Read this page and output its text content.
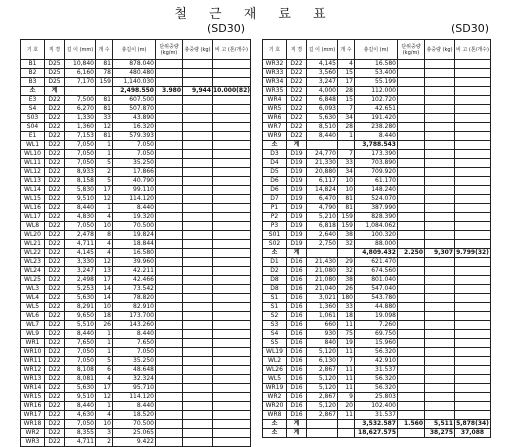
철 근 재 료 표
(SD30)	(SD30)
기 호	직 경	길 이 (mm)	개 수	총길이 (m)	단위중량 (kg/m)	총중량 (kg)	비 고 (톤/개수)
B1	D25	10,840	81	878.040			
B2	D25	6,160	78	480.480			
B3	D25	7,170	159	1,140.030			
소	계			2,498.550	3.980	9,944	10.000(82)
E3	D22	7,500	81	607.500			
S4	D22	6,270	81	507.870			
S03	D22	1,330	33	43.890			
S04	D22	1,360	12	16.320			
E1	D22	7,153	81	579.393			
WL1	D22	7,050	1	7.050			
WL10	D22	7,050	1	7.050			
WL11	D22	7,050	5	35.250			
WL12	D22	8,933	2	17.866			
WL13	D22	8,158	5	40.790			
WL14	D22	5,830	17	99.110			
WL15	D22	9,510	12	114.120			
WL16	D22	8,440	1	8.440			
WL17	D22	4,830	4	19.320			
WL8	D22	7,050	10	70.500			
WL20	D22	2,478	8	19.824			
WL21	D22	4,711	4	18.844			
WL22	D22	4,145	4	16.580			
WL23	D22	3,330	12	39.960			
WL24	D22	3,247	13	42.211			
WL25	D22	2,498	17	42.466			
WL3	D22	5,253	14	73.542			
WL4	D22	5,630	14	78.820			
WL5	D22	8,291	10	82.910			
WL6	D22	9,650	18	173.700			
WL7	D22	5,510	26	143.260			
WL9	D22	8,440	1	8.440			
WR1	D22	7,650	1	7.650			
WR10	D22	7,050	1	7.050			
WR11	D22	7,050	5	35.250			
WR12	D22	8,108	6	48.648			
WR13	D22	8,081	4	32.324			
WR14	D22	5,630	17	95.710			
WR15	D22	9,510	12	114.120			
WR16	D22	8,440	1	8.440			
WR17	D22	4,630	4	18.520			
WR18	D22	7,050	10	70.500			
WR2	D22	8,355	3	25.065			
WR3	D22	4,711	2	9.422			
기 호	직 경	길 이 (mm)	개 수	총길이 (m)	단위중량 (kg/m)	총중량 (kg)	비 고 (톤/개수)
WR32	D22	4,145	4	16.580			
WR33	D22	3,560	15	53.400			
WR34	D22	3,247	17	55.199			
WR35	D22	4,000	28	112.000			
WR4	D22	6,848	15	102.720			
WR5	D22	6,093	7	42.651			
WR6	D22	5,630	34	191.420			
WR7	D22	8,510	28	238.280			
WR9	D22	8,440	1	8.440			
소	계			3,788.543			
D3	D19	24,770	7	173.390			
D4	D19	21,330	33	703.890			
D5	D19	20,880	34	709.920			
D6	D19	6,117	10	61.170			
D6	D19	14,824	10	148.240			
D7	D19	6,470	81	524.070			
P1	D19	4,790	81	387.990			
P2	D19	5,210	159	828.390			
P3	D19	6,818	159	1,084.062			
S01	D19	2,640	38	100.320			
S02	D19	2,750	32	88.000			
소	계			4,809.432	2.250	9,307	9.799(32)
D1	D16	21,430	29	621.470			
D2	D16	21,080	32	674.560			
D8	D16	21,080	38	801.040			
D8	D16	21,040	26	547.040			
S1	D16	3,021	180	543.780			
S1	D16	1,360	33	44.880			
S2	D16	1,061	18	19.098			
S3	D16	660	11	7.260			
S4	D16	930	75	69.750			
S5	D16	840	19	15.960			
WL19	D16	5,120	11	56.320			
WL2	D16	6,130	7	42.910			
WL26	D16	2,867	11	31.537			
WL5	D16	5,120	11	56.320			
WR19	D16	5,120	11	56.320			
WR2	D16	2,867	9	25.803			
WR20	D16	5,120	20	102.400			
WR8	D16	2,867	11	31.537			
소	계			3,532.587	1.560	5,511	5,878(34)
소	계			18,627.575		38,275	37,088
